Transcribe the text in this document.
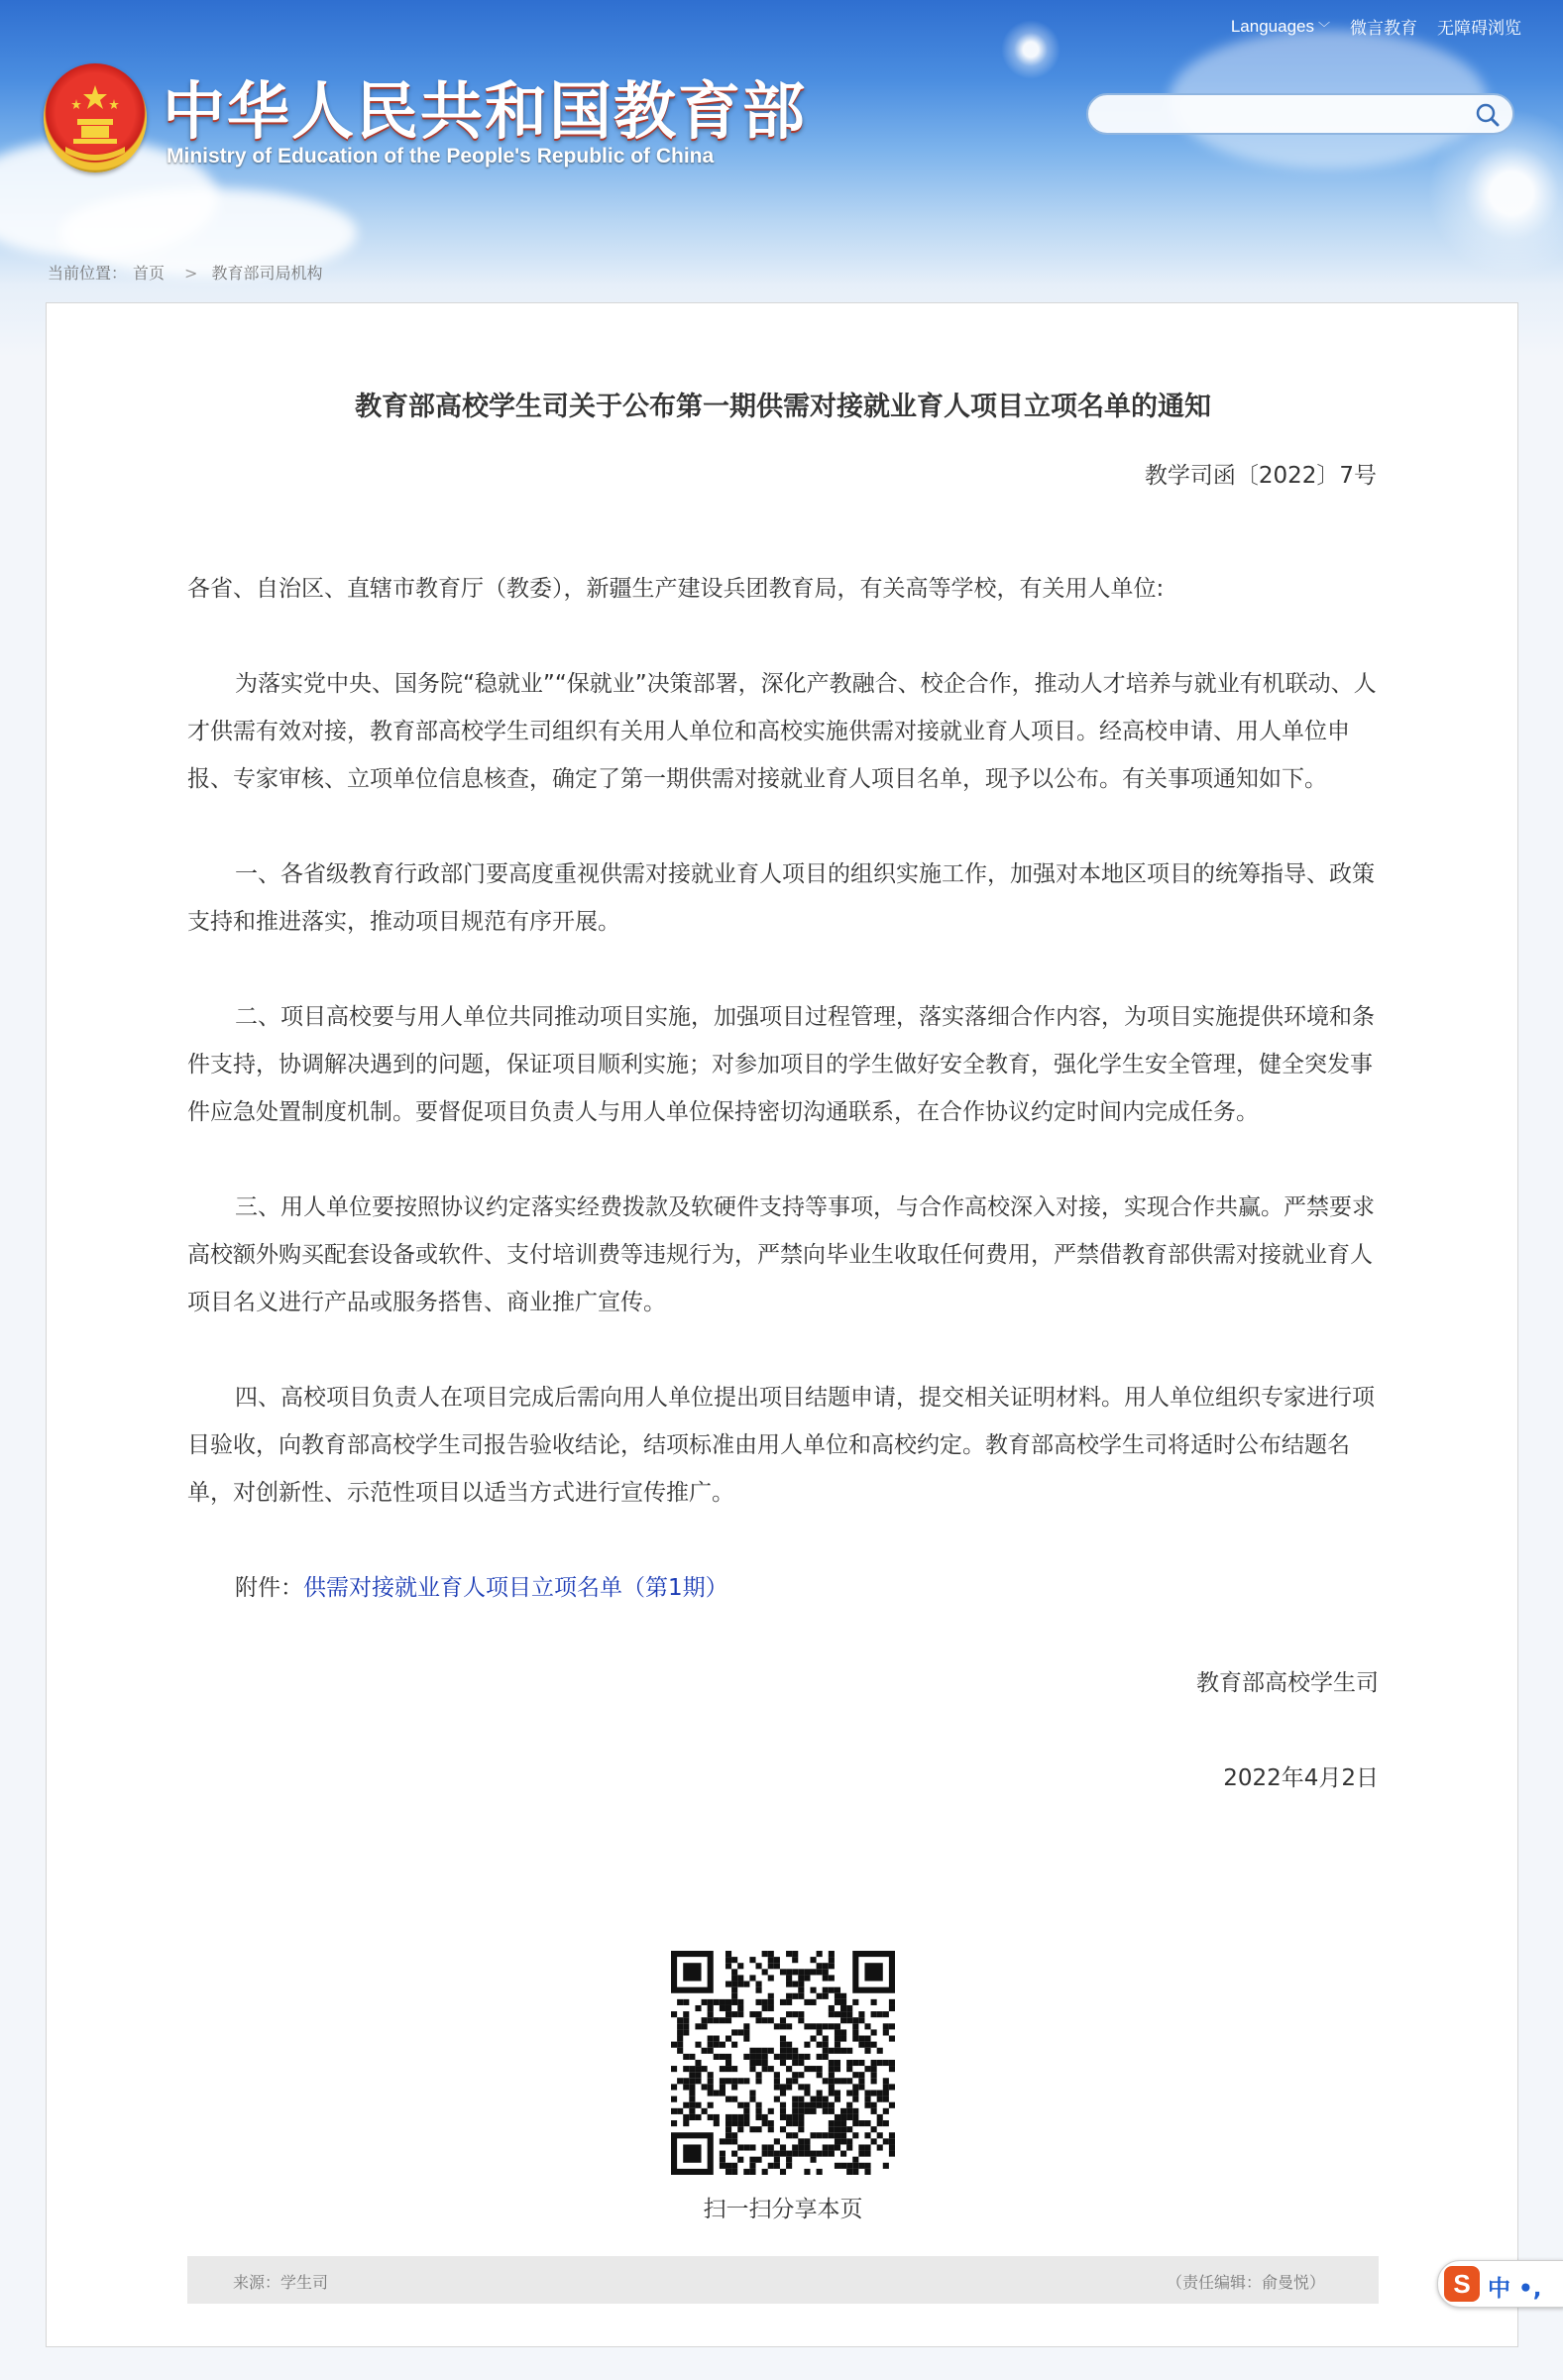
中华人民共和国教育部
Ministry of Education of the People's Republic of China
Languages ﹀ 微言教育 无障碍浏览
当前位置： 首页 > 教育部司局机构
教育部高校学生司关于公布第一期供需对接就业育人项目立项名单的通知
教学司函〔2022〕7号

各省、自治区、直辖市教育厅（教委），新疆生产建设兵团教育局，有关高等学校，有关用人单位:

为落实党中央、国务院“稳就业”“保就业”决策部署，深化产教融合、校企合作，推动人才培养与就业有机联动、人才供需有效对接，教育部高校学生司组织有关用人单位和高校实施供需对接就业育人项目。经高校申请、用人单位申报、专家审核、立项单位信息核查，确定了第一期供需对接就业育人项目名单，现予以公布。有关事项通知如下。

一、各省级教育行政部门要高度重视供需对接就业育人项目的组织实施工作，加强对本地区项目的统筹指导、政策支持和推进落实，推动项目规范有序开展。

二、项目高校要与用人单位共同推动项目实施，加强项目过程管理，落实落细合作内容，为项目实施提供环境和条件支持，协调解决遇到的问题，保证项目顺利实施；对参加项目的学生做好安全教育，强化学生安全管理，健全突发事件应急处置制度机制。要督促项目负责人与用人单位保持密切沟通联系，在合作协议约定时间内完成任务。

三、用人单位要按照协议约定落实经费拨款及软硬件支持等事项，与合作高校深入对接，实现合作共赢。严禁要求高校额外购买配套设备或软件、支付培训费等违规行为，严禁向毕业生收取任何费用，严禁借教育部供需对接就业育人项目名义进行产品或服务搭售、商业推广宣传。

四、高校项目负责人在项目完成后需向用人单位提出项目结题申请，提交相关证明材料。用人单位组织专家进行项目验收，向教育部高校学生司报告验收结论，结项标准由用人单位和高校约定。教育部高校学生司将适时公布结题名单，对创新性、示范性项目以适当方式进行宣传推广。

附件：供需对接就业育人项目立项名单（第1期）

教育部高校学生司

2022年4月2日

扫一扫分享本页
来源：学生司	（责任编辑：俞曼悦）	S 中 •,
